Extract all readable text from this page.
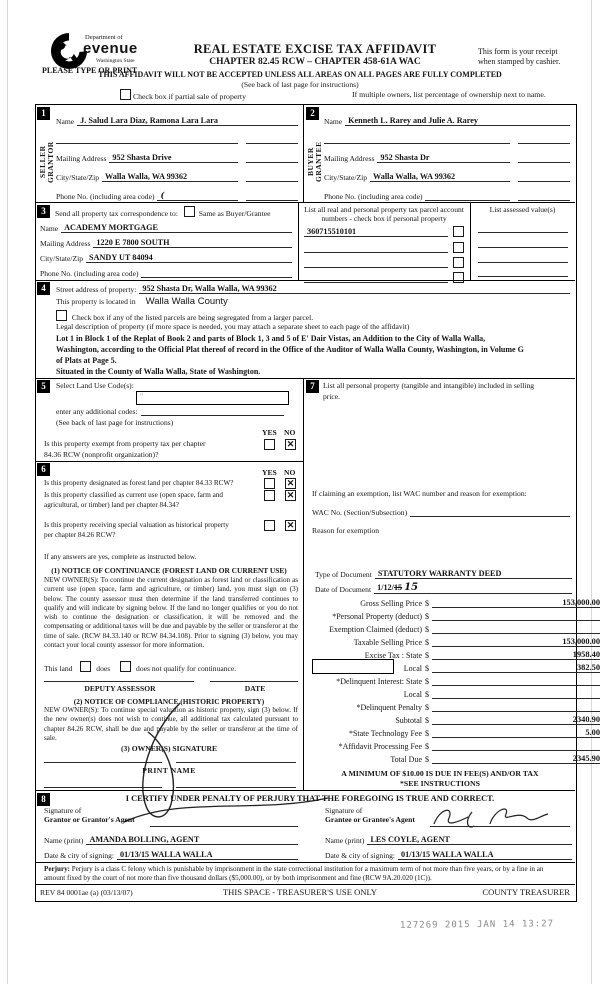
Department of
evenue
Washington State
PLEASE TYPE OR PRINT
REAL ESTATE EXCISE TAX AFFIDAVIT
CHAPTER 82.45 RCW – CHAPTER 458-61A WAC
This form is your receipt
when stamped by cashier.
THIS AFFIDAVIT WILL NOT BE ACCEPTED UNLESS ALL AREAS ON ALL PAGES ARE FULLY COMPLETED
(See back of last page for instructions)
Check box if partial sale of property	If multiple owners, list percentage of ownership next to name.
1
SELLER
GRANTOR
Name J. Salud Lara Diaz, Ramona Lara Lara
Mailing Address 952 Shasta Drive
City/State/Zip Walla Walla, WA 99362
Phone No. (including area code) (
2
BUYER
GRANTEE
Name Kenneth L. Rarey and Julie A. Rarey
Mailing Address 952 Shasta Dr
City/State/Zip Walla Walla, WA 99362
Phone No. (including area code)
3	Send all property tax correspondence to:	Same as Buyer/Grantee
Name ACADEMY MORTGAGE
Mailing Address 1220 E 7800 SOUTH
City/State/Zip SANDY UT 84094
Phone No. (including area code)
List all real and personal property tax parcel account
numbers - check box if personal property
360715510101
List assessed value(s)
4	Street address of property: 952 Shasta Dr, Walla Walla, WA 99362
This property is located in Walla Walla County
Check box if any of the listed parcels are being segregated from a larger parcel.
Legal description of property (if more space is needed, you may attach a separate sheet to each page of the affidavit)
Lot 1 in Block 1 of the Replat of Book 2 and parts of Block 1, 3 and 5 of E' Dair Vistas, an Addition to the City of Walla Walla,
Washington, according to the Official Plat thereof of record in the Office of the Auditor of Walla Walla County, Washington, in Volume G
of Plats at Page 5.
Situated in the County of Walla Walla, State of Washington.
5	Select Land Use Code(s):
"
enter any additional codes:
(See back of last page for instructions)
YES NO
Is this property exempt from property tax per chapter
84.36 RCW (nonprofit organization)?
✕
6	YES NO
Is this property designated as forest land per chapter 84.33 RCW?	✕
Is this property classified as current use (open space, farm and
agricultural, or timber) land per chapter 84.34?
✕
Is this property receiving special valuation as historical property
per chapter 84.26 RCW?
✕
If any answers are yes, complete as instructed below.
(1) NOTICE OF CONTINUANCE (FOREST LAND OR CURRENT USE)
NEW OWNER(S): To continue the current designation as forest land or classification as current use (open space, farm and agriculture, or timber) land, you must sign on (3) below. The county assessor must then determine if the land transferred continues to qualify and will indicate by signing below. If the land no longer qualifies or you do not wish to continue the designation or classification, it will be removed and the compensating or additional taxes will be due and payable by the seller or transferor at the time of sale. (RCW 84.33.140 or RCW 84.34.108). Prior to signing (3) below, you may contact your local county assessor for more information.
This land	does	does not qualify for continuance.
DEPUTY ASSESSOR	DATE
(2) NOTICE OF COMPLIANCE (HISTORIC PROPERTY)
NEW OWNER(S): To continue special valuation as historic property, sign (3) below. If the new owner(s) does not wish to continue, all additional tax calculated pursuant to chapter 84.26 RCW, shall be due and payable by the seller or transferor at the time of sale.
(3) OWNER(S) SIGNATURE
PRINT NAME
7	List all personal property (tangible and intangible) included in selling
price.
If claiming an exemption, list WAC number and reason for exemption:
WAC No. (Section/Subsection)
Reason for exemption
Type of Document STATUTORY WARRANTY DEED
Date of Document 1/12/15 15
Gross Selling Price $	153,000.00
*Personal Property (deduct) $
Exemption Claimed (deduct) $
Taxable Selling Price $	153,000.00
Excise Tax : State $	1958.40
Local $	382.50
*Delinquent Interest: State $
Local $
*Delinquent Penalty $
Subtotal $	2340.90
*State Technology Fee $	5.00
*Affidavit Processing Fee $
Total Due $	2345.90
A MINIMUM OF $10.00 IS DUE IN FEE(S) AND/OR TAX
*SEE INSTRUCTIONS
8	I CERTIFY UNDER PENALTY OF PERJURY THAT THE FOREGOING IS TRUE AND CORRECT.
Signature of
Grantor or Grantor's Agent
Name (print) AMANDA BOLLING, AGENT
Date & city of signing: 01/13/15 WALLA WALLA
Signature of
Grantee or Grantee's Agent
Name (print) LES COYLE, AGENT
Date & city of signing: 01/13/15 WALLA WALLA
Perjury: Perjury is a class C felony which is punishable by imprisonment in the state correctional institution for a maximum term of not more than five years, or by a fine in an amount fixed by the court of not more than five thousand dollars ($5,000.00), or by both imprisonment and fine (RCW 9A.20.020 (1C)).
REV 84 0001ae (a) (03/13/07)	THIS SPACE - TREASURER'S USE ONLY	COUNTY TREASURER
127269 2015 JAN 14 13:27
